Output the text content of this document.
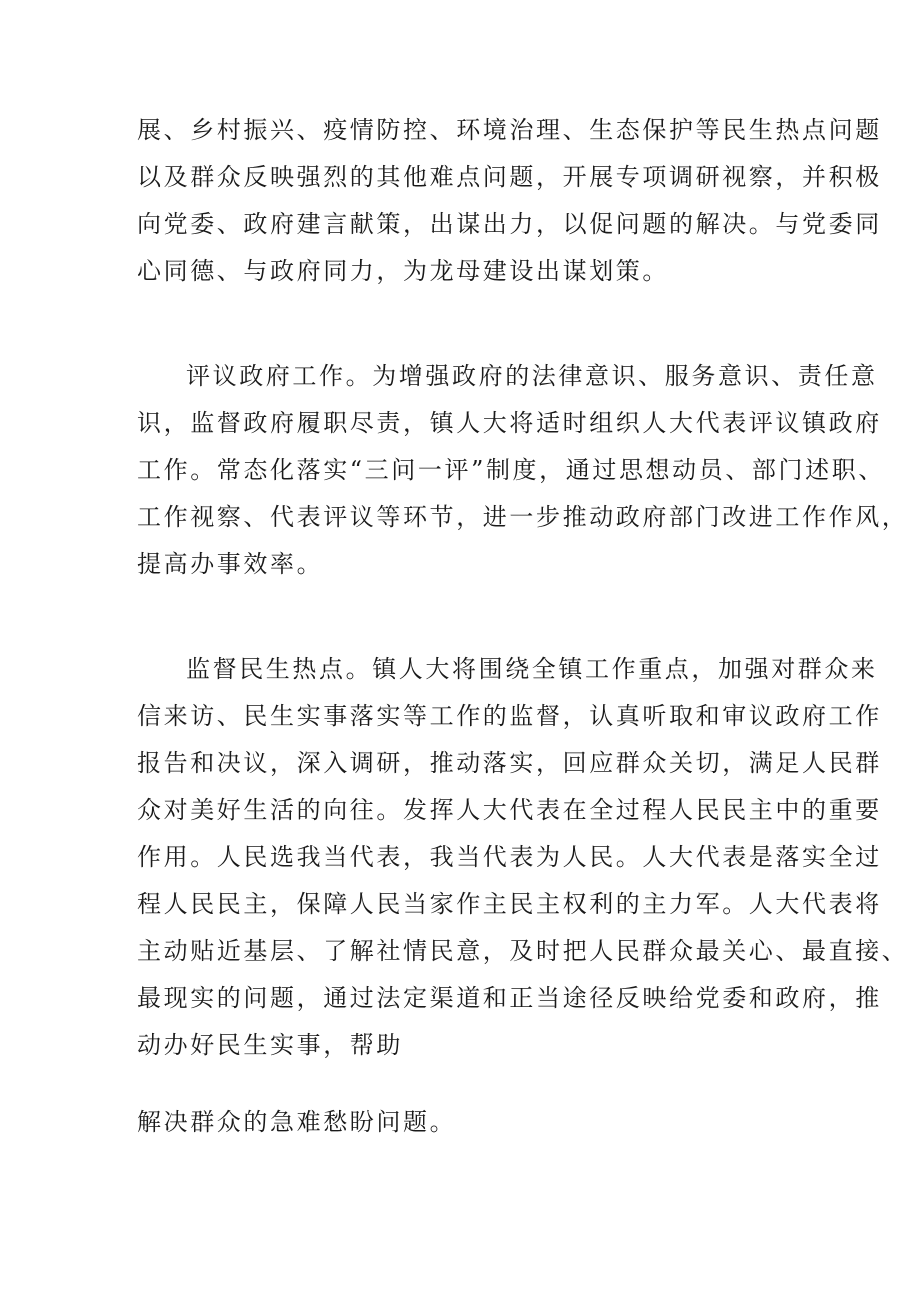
展、乡村振兴、疫情防控、环境治理、生态保护等民生热点问题
以及群众反映强烈的其他难点问题，开展专项调研视察，并积极
向党委、政府建言献策，出谋出力，以促问题的解决。与党委同
心同德、与政府同力，为龙母建设出谋划策。
评议政府工作。为增强政府的法律意识、服务意识、责任意
识，监督政府履职尽责，镇人大将适时组织人大代表评议镇政府
工作。常态化落实“三问一评”制度，通过思想动员、部门述职、
工作视察、代表评议等环节，进一步推动政府部门改进工作作风，
提高办事效率。
监督民生热点。镇人大将围绕全镇工作重点，加强对群众来
信来访、民生实事落实等工作的监督，认真听取和审议政府工作
报告和决议，深入调研，推动落实，回应群众关切，满足人民群
众对美好生活的向往。发挥人大代表在全过程人民民主中的重要
作用。人民选我当代表，我当代表为人民。人大代表是落实全过
程人民民主，保障人民当家作主民主权利的主力军。人大代表将
主动贴近基层、了解社情民意，及时把人民群众最关心、最直接、
最现实的问题，通过法定渠道和正当途径反映给党委和政府，推
动办好民生实事，帮助
解决群众的急难愁盼问题。
